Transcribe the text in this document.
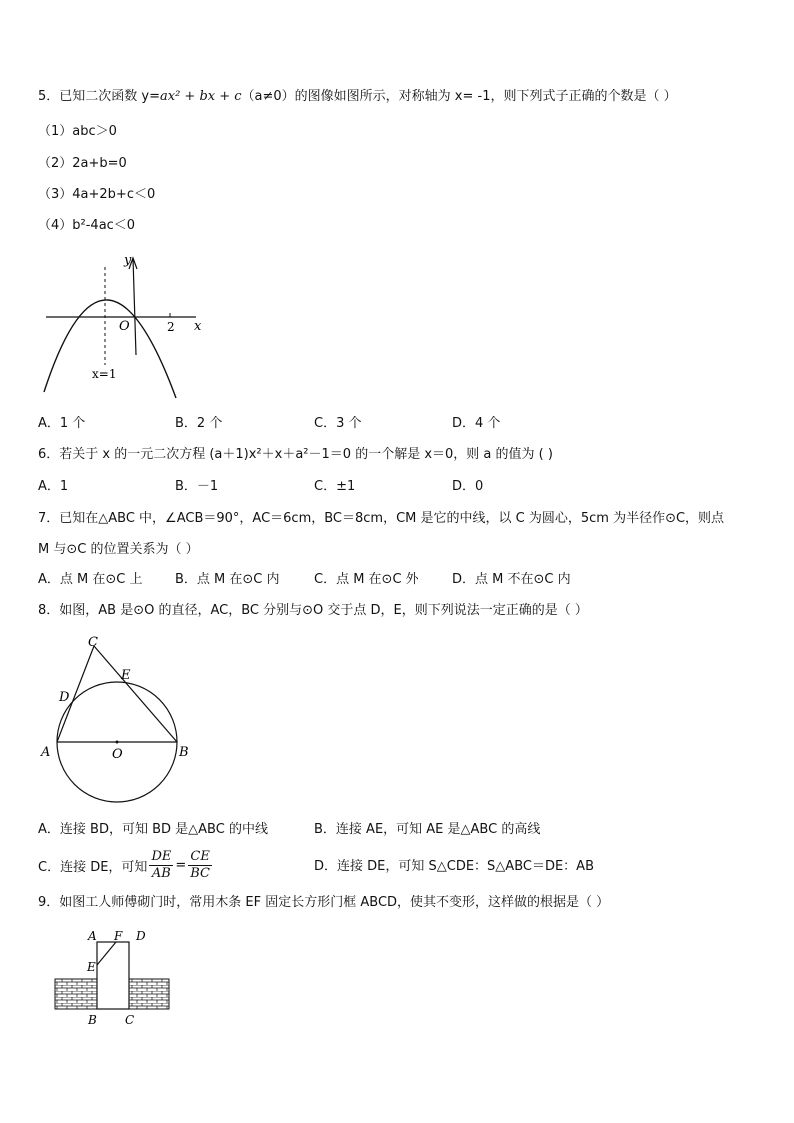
5．已知二次函数 y=ax² + bx + c（a≠0）的图像如图所示，对称轴为 x= -1，则下列式子正确的个数是（ ）
（1）abc＞0
（2）2a+b=0
（3）4a+2b+c＜0
（4）b²-4ac＜0
y
O	2 x
x=1
A．1 个	B．2 个	C．3 个	D．4 个
6．若关于 x 的一元二次方程 (a＋1)x²＋x＋a²－1＝0 的一个解是 x＝0，则 a 的值为 ( )
A．1	B．－1	C．±1	D．0
7．已知在△ABC 中，∠ACB＝90°，AC＝6cm，BC＝8cm，CM 是它的中线，以 C 为圆心，5cm 为半径作⊙C，则点
M 与⊙C 的位置关系为（ ）
A．点 M 在⊙C 上	B．点 M 在⊙C 内	C．点 M 在⊙C 外	D．点 M 不在⊙C 内
8．如图，AB 是⊙O 的直径，AC，BC 分别与⊙O 交于点 D，E，则下列说法一定正确的是（ ）
C
E
D
A	O	B
A．连接 BD，可知 BD 是△ABC 的中线	B．连接 AE，可知 AE 是△ABC 的高线
C．连接 DE，可知 $\frac{DE}{AB} = \frac{CE}{BC}$	D．连接 DE，可知 S△CDE：S△ABC＝DE：AB
9．如图工人师傅砌门时，常用木条 EF 固定长方形门框 ABCD，使其不变形，这样做的根据是（ ）
A F D
E
B C
